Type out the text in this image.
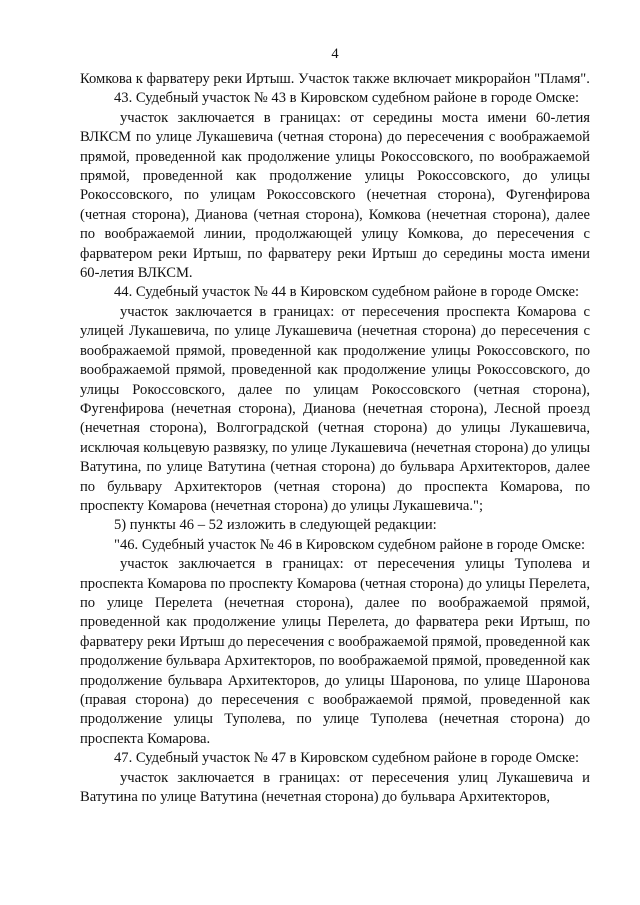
4

Комкова к фарватеру реки Иртыш. Участок также включает микрорайон "Пламя".

43. Судебный участок № 43 в Кировском судебном районе в городе Омске:

участок заключается в границах: от середины моста имени 60-летия ВЛКСМ по улице Лукашевича (четная сторона) до пересечения с воображаемой прямой, проведенной как продолжение улицы Рокоссовского, по воображаемой прямой, проведенной как продолжение улицы Рокоссовского, до улицы Рокоссовского, по улицам Рокоссовского (нечетная сторона), Фугенфирова (четная сторона), Дианова (четная сторона), Комкова (нечетная сторона), далее по воображаемой линии, продолжающей улицу Комкова, до пересечения с фарватером реки Иртыш, по фарватеру реки Иртыш до середины моста имени 60-летия ВЛКСМ.

44. Судебный участок № 44 в Кировском судебном районе в городе Омске:

участок заключается в границах: от пересечения проспекта Комарова с улицей Лукашевича, по улице Лукашевича (нечетная сторона) до пересечения с воображаемой прямой, проведенной как продолжение улицы Рокоссовского, по воображаемой прямой, проведенной как продолжение улицы Рокоссовского, до улицы Рокоссовского, далее по улицам Рокоссовского (четная сторона), Фугенфирова (нечетная сторона), Дианова (нечетная сторона), Лесной проезд (нечетная сторона), Волгоградской (четная сторона) до улицы Лукашевича, исключая кольцевую развязку, по улице Лукашевича (нечетная сторона) до улицы Ватутина, по улице Ватутина (четная сторона) до бульвара Архитекторов, далее по бульвару Архитекторов (четная сторона) до проспекта Комарова, по проспекту Комарова (нечетная сторона) до улицы Лукашевича.";

5) пункты 46 – 52 изложить в следующей редакции:

"46. Судебный участок № 46 в Кировском судебном районе в городе Омске:

участок заключается в границах: от пересечения улицы Туполева и проспекта Комарова по проспекту Комарова (четная сторона) до улицы Перелета, по улице Перелета (нечетная сторона), далее по воображаемой прямой, проведенной как продолжение улицы Перелета, до фарватера реки Иртыш, по фарватеру реки Иртыш до пересечения с воображаемой прямой, проведенной как продолжение бульвара Архитекторов, по воображаемой прямой, проведенной как продолжение бульвара Архитекторов, до улицы Шаронова, по улице Шаронова (правая сторона) до пересечения с воображаемой прямой, проведенной как продолжение улицы Туполева, по улице Туполева (нечетная сторона) до проспекта Комарова.

47. Судебный участок № 47 в Кировском судебном районе в городе Омске:

участок заключается в границах: от пересечения улиц Лукашевича и Ватутина по улице Ватутина (нечетная сторона) до бульвара Архитекторов,
